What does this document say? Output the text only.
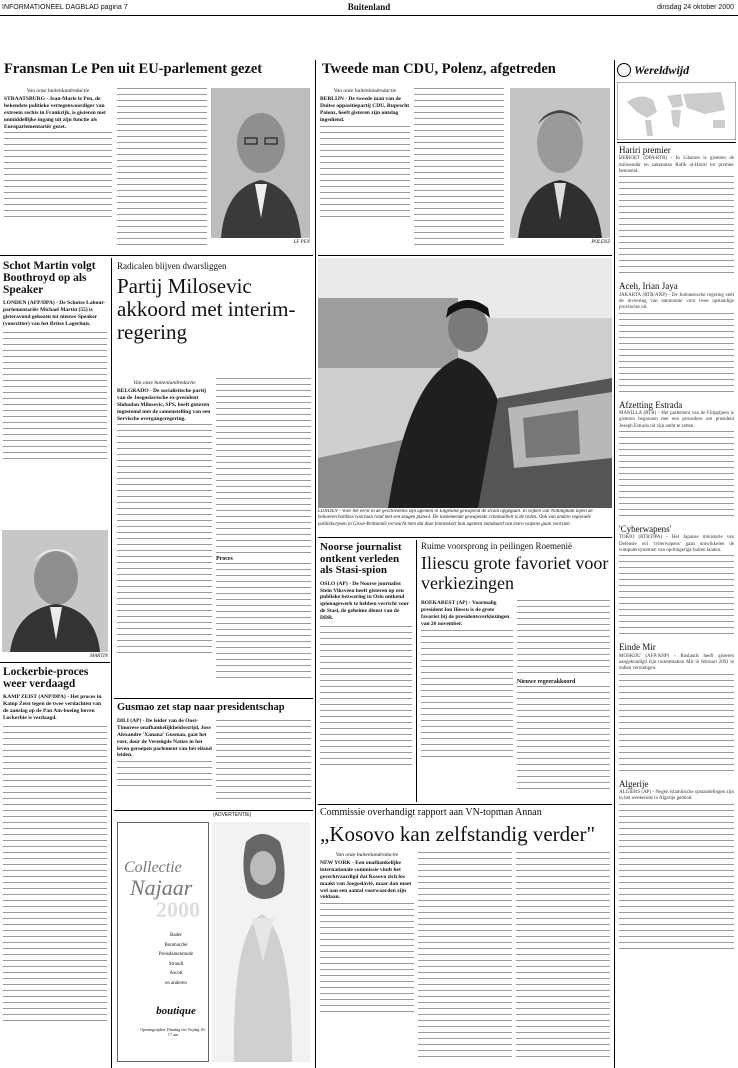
INFORMATIONEEL DAGBLAD pagina 7	Buitenland	dinsdag 24 oktober 2000
Fransman Le Pen uit EU-parlement gezet
Van onze buitenlandredactie
STRAATSBURG - Jean-Marie le Pen, de bekendste politieke vertegenwoordiger van extreem rechts in Frankrijk, is gisteren met onmiddellijke ingang uit zijn functie als Europarlementariër gezet.
LE PEN
Tweede man CDU, Polenz, afgetreden
Van onze buitenlandredactie
BERLIJN - De tweede man van de Duitse oppositiepartij CDU, Ruprecht Polenz, heeft gisteren zijn ontslag ingediend.
POLENZ
Schot Martin volgt Boothroyd op als Speaker
LONDEN (AFP/DPA) - De Schotse Labour-parlementariër Michael Martin (55) is gisteravond gekozen tot nieuwe Speaker (voorzitter) van het Britse Lagerhuis.
MARTIN
Lockerbie-proces weer verdaagd
KAMP ZEIST (ANP/DPA) - Het proces in Kamp Zeist tegen de twee verdachten van de aanslag op de Pan Am-boeing boven Lockerbie is verdaagd.
Radicalen blijven dwarsliggen
Partij Milosevic akkoord met interim-regering
Van onze buitenlandredactie
BELGRADO - De socialistische partij van de Joegoslavische ex-president Slobodan Milosevic, SPS, heeft gisteren ingestemd met de samenstelling van een Servische overgangsregering.
Proces
Gusmao zet stap naar presidentschap
DILI (AP) - De leider van de Oost-Timorese onafhankelijkheidsstrijd, Jose Alexandre 'Xanana' Gusmao, gaat het roer, door de Verenigde Naties in het leven geroepen parlement van het eiland leiden.
(ADVERTENTIE)
Collectie
Najaar
2000
Bader
Bonmarché
Preisdamenmode
Strandi
Ascott
en anderen
boutique
Openingstijden: Dinsdag t/m Vrijdag 10-17 uur
LONDEN - Voor het eerst in de geschiedenis zijn agenten in Engeland gewapend de straat opgegaan. In wijken van Nottingham lopen de behoeven bobbies voortaan rond met een zeugen pistool. De toenemende gewapende criminaliteit is de reden. Ook van andere regionale politiekorpsen in Groot-Brittannië verwacht men dat deze binnenkort hun agenten standaard van extra wapens gaan voorzien.
Noorse journalist ontkent verleden als Stasi-spion
OSLO (AP) - De Noorse journalist Stein Viksveen heeft gisteren op een publieke bezwering in Oslo ontkend spionagewerk te hebben verricht voor de Stasi, de geheime dienst van de DDR.
Ruime voorsprong in peilingen Roemenië
Iliescu grote favoriet voor verkiezingen
BOEKAREST (AP) - Voormalig president Ion Iliescu is de grote favoriet bij de presidentsverkiezingen van 26 november.
Nieuwe regeerakkoord
Commissie overhandigt rapport aan VN-topman Annan
„Kosovo kan zelfstandig verder"
Van onze buitenlandredactie
NEW YORK - Een onafhankelijke internationale commissie vindt het gerechtvaardigd dat Kosovo zich los maakt van Joegoslavië, maar dan moet wel aan een aantal voorwaarden zijn voldaan.
Wereldwijd
Hariri premier
BEIROET (DPA/RTR) - In Libanon is gisteren de milioendär en zakenman Rafik al-Hariri tot premier benoemd.
Aceh, Irian Jaya
JAKARTA (RTR/ANP) - De Indonesische regering stelt de invoering van autonomie voor twee opstandige provincies uit.
Afzetting Estrada
MANILLA (RTR) - Het parlement van de Filippijnen is gisteren begonnen met een procedure om president Joseph Estrada uit zijn ambt te zetten.
'Cyberwapens'
TOKIO (RTR/DPA) - Het Japanse ministerie van Defensie wil 'cyberwapens' gaan ontwikkelen de computersystemen van opdringerige buiten landen.
Einde Mir
MOSKOU (AFP/ANP) - Ruslands heeft gisteren aangekondigd zijn ruimtestation Mir in februari 2001 te zullen vernietigen.
Algerije
ALGIERS (AP) - Negen islamitische opstandelingen zijn in het weekeinde in Algerije gedood.
